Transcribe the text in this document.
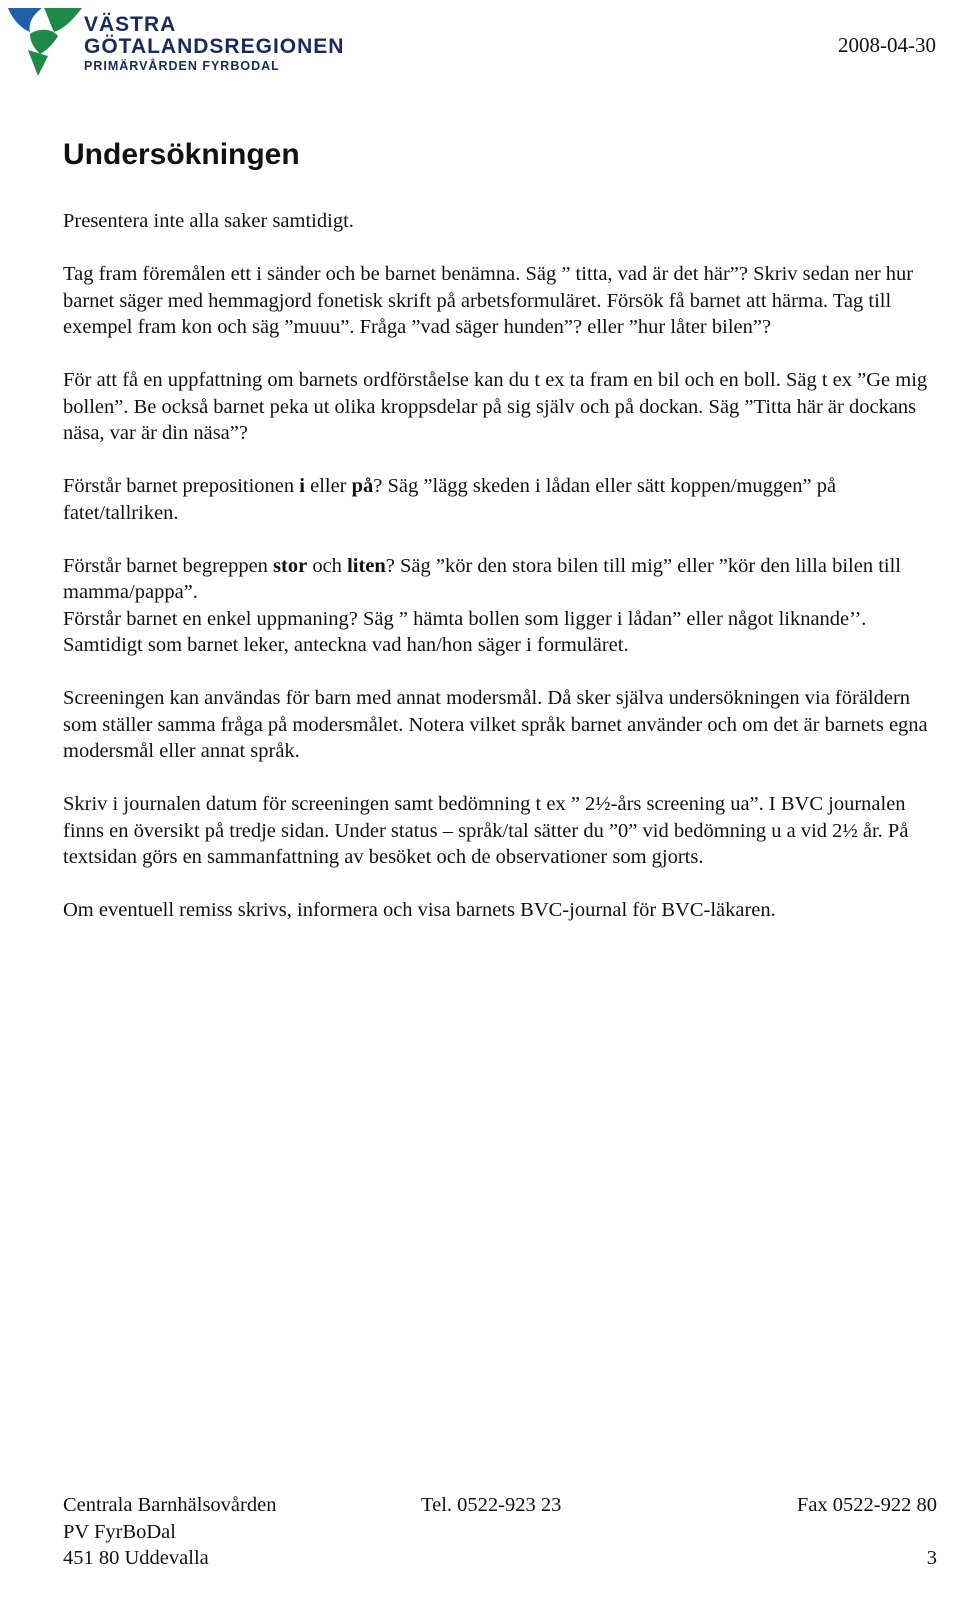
VÄSTRA
GÖTALANDSREGIONEN
PRIMÄRVÅRDEN FYRBODAL
2008-04-30
Undersökningen

Presentera inte alla saker samtidigt.

Tag fram föremålen ett i sänder och be barnet benämna. Säg ” titta, vad är det här”? Skriv sedan ner hur barnet säger med hemmagjord fonetisk skrift på arbetsformuläret. Försök få barnet att härma. Tag till exempel fram kon och säg ”muuu”. Fråga ”vad säger hunden”? eller ”hur låter bilen”?

För att få en uppfattning om barnets ordförståelse kan du t ex ta fram en bil och en boll. Säg t ex ”Ge mig bollen”. Be också barnet peka ut olika kroppsdelar på sig själv och på dockan. Säg ”Titta här är dockans näsa, var är din näsa”?

Förstår barnet prepositionen i eller på? Säg ”lägg skeden i lådan eller sätt koppen/muggen” på fatet/tallriken.

Förstår barnet begreppen stor och liten? Säg ”kör den stora bilen till mig” eller ”kör den lilla bilen till mamma/pappa”.

Förstår barnet en enkel uppmaning? Säg ” hämta bollen som ligger i lådan” eller något liknande’’. Samtidigt som barnet leker, anteckna vad han/hon säger i formuläret.

Screeningen kan användas för barn med annat modersmål. Då sker själva undersökningen via föräldern som ställer samma fråga på modersmålet. Notera vilket språk barnet använder och om det är barnets egna modersmål eller annat språk.

Skriv i journalen datum för screeningen samt bedömning t ex ” 2½-års screening ua”. I BVC journalen finns en översikt på tredje sidan. Under status – språk/tal sätter du ”0” vid bedömning u a vid 2½ år. På textsidan görs en sammanfattning av besöket och de observationer som gjorts.

Om eventuell remiss skrivs, informera och visa barnets BVC-journal för BVC-läkaren.

Centrala Barnhälsovården	Tel. 0522-923 23	Fax 0522-922 80
PV FyrBoDal
451 80 Uddevalla	3
